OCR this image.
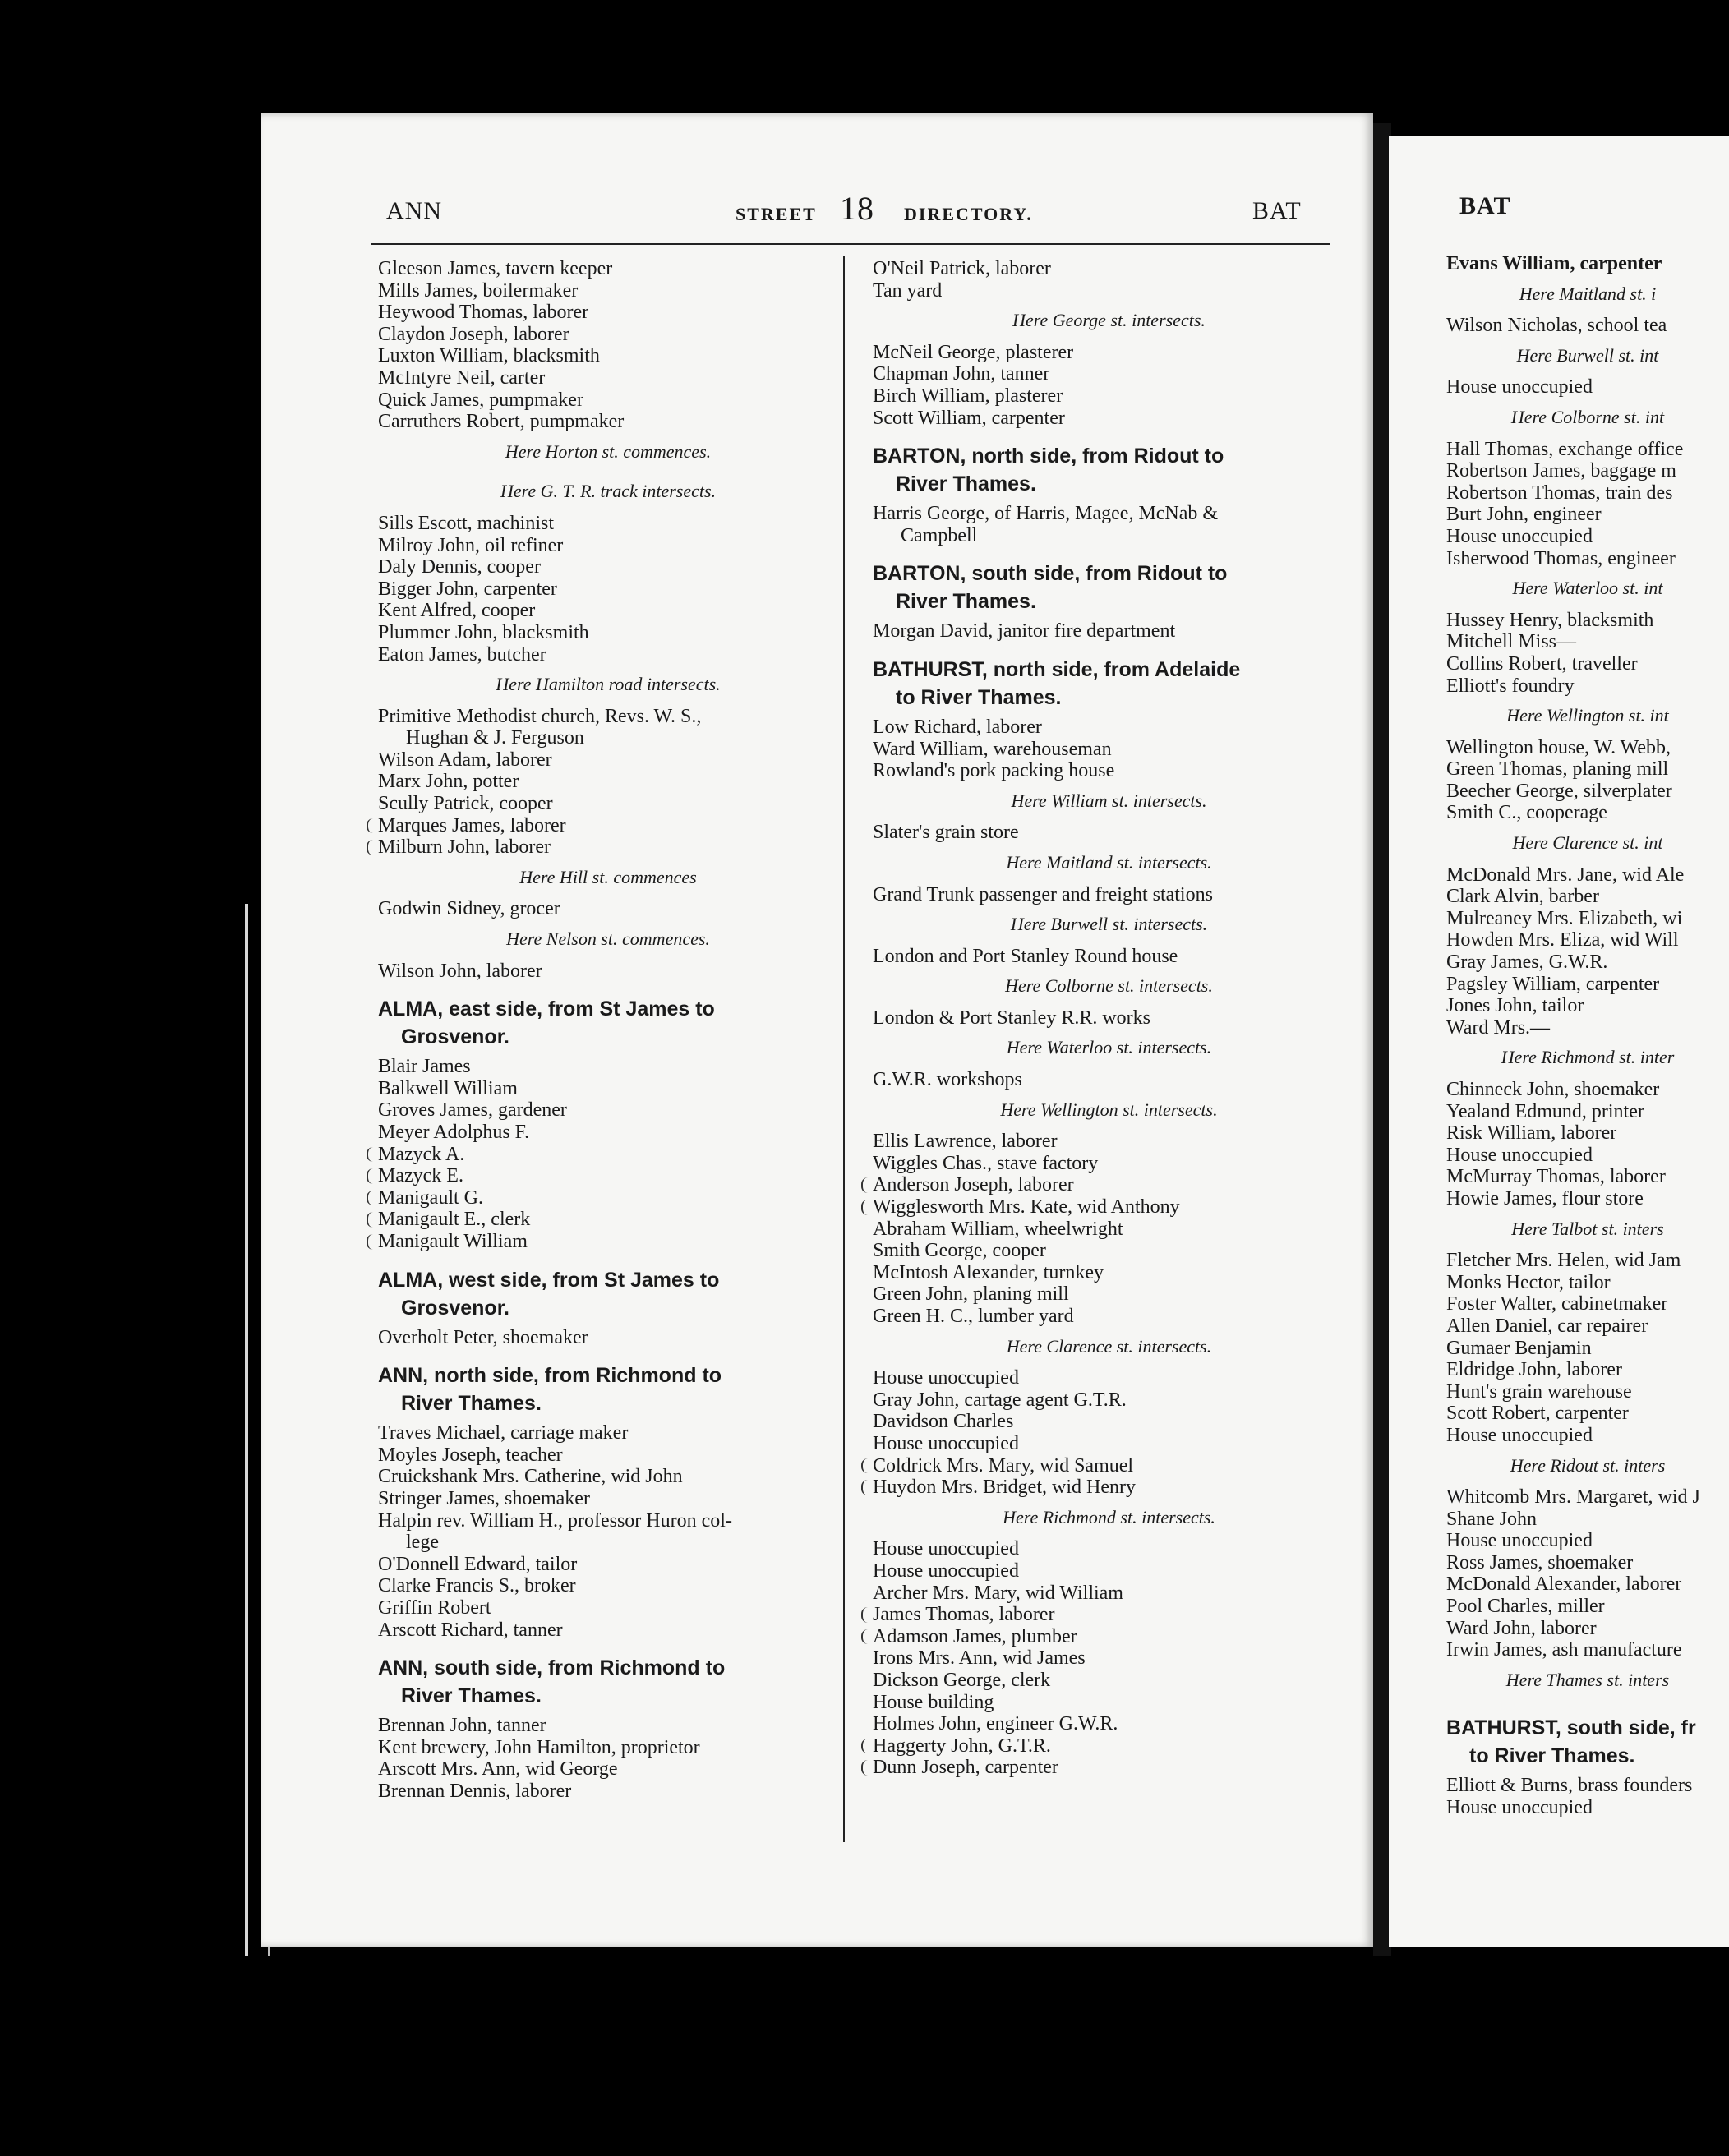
ANN	STREET 18 DIRECTORY.	BAT	BAT
Gleeson James, tavern keeper
Mills James, boilermaker
Heywood Thomas, laborer
Claydon Joseph, laborer
Luxton William, blacksmith
McIntyre Neil, carter
Quick James, pumpmaker
Carruthers Robert, pumpmaker
Here Horton st. commences.
Here G. T. R. track intersects.
Sills Escott, machinist
Milroy John, oil refiner
Daly Dennis, cooper
Bigger John, carpenter
Kent Alfred, cooper
Plummer John, blacksmith
Eaton James, butcher
Here Hamilton road intersects.
Primitive Methodist church, Revs. W. S.,
Hughan & J. Ferguson
Wilson Adam, laborer
Marx John, potter
Scully Patrick, cooper
Marques James, laborer
Milburn John, laborer
Here Hill st. commences
Godwin Sidney, grocer
Here Nelson st. commences.
Wilson John, laborer
ALMA, east side, from St James to
Grosvenor.
Blair James
Balkwell William
Groves James, gardener
Meyer Adolphus F.
Mazyck A.
Mazyck E.
Manigault G.
Manigault E., clerk
Manigault William
ALMA, west side, from St James to
Grosvenor.
Overholt Peter, shoemaker
ANN, north side, from Richmond to
River Thames.
Traves Michael, carriage maker
Moyles Joseph, teacher
Cruickshank Mrs. Catherine, wid John
Stringer James, shoemaker
Halpin rev. William H., professor Huron col-
lege
O'Donnell Edward, tailor
Clarke Francis S., broker
Griffin Robert
Arscott Richard, tanner
ANN, south side, from Richmond to
River Thames.
Brennan John, tanner
Kent brewery, John Hamilton, proprietor
Arscott Mrs. Ann, wid George
Brennan Dennis, laborer
O'Neil Patrick, laborer
Tan yard
Here George st. intersects.
McNeil George, plasterer
Chapman John, tanner
Birch William, plasterer
Scott William, carpenter
BARTON, north side, from Ridout to
River Thames.
Harris George, of Harris, Magee, McNab &
Campbell
BARTON, south side, from Ridout to
River Thames.
Morgan David, janitor fire department
BATHURST, north side, from Adelaide
to River Thames.
Low Richard, laborer
Ward William, warehouseman
Rowland's pork packing house
Here William st. intersects.
Slater's grain store
Here Maitland st. intersects.
Grand Trunk passenger and freight stations
Here Burwell st. intersects.
London and Port Stanley Round house
Here Colborne st. intersects.
London & Port Stanley R.R. works
Here Waterloo st. intersects.
G.W.R. workshops
Here Wellington st. intersects.
Ellis Lawrence, laborer
Wiggles Chas., stave factory
Anderson Joseph, laborer
Wigglesworth Mrs. Kate, wid Anthony
Abraham William, wheelwright
Smith George, cooper
McIntosh Alexander, turnkey
Green John, planing mill
Green H. C., lumber yard
Here Clarence st. intersects.
House unoccupied
Gray John, cartage agent G.T.R.
Davidson Charles
House unoccupied
Coldrick Mrs. Mary, wid Samuel
Huydon Mrs. Bridget, wid Henry
Here Richmond st. intersects.
House unoccupied
House unoccupied
Archer Mrs. Mary, wid William
James Thomas, laborer
Adamson James, plumber
Irons Mrs. Ann, wid James
Dickson George, clerk
House building
Holmes John, engineer G.W.R.
Haggerty John, G.T.R.
Dunn Joseph, carpenter
Evans William, carpenter
Here Maitland st. i
Wilson Nicholas, school tea
Here Burwell st. int
House unoccupied
Here Colborne st. int
Hall Thomas, exchange office
Robertson James, baggage m
Robertson Thomas, train des
Burt John, engineer
House unoccupied
Isherwood Thomas, engineer
Here Waterloo st. int
Hussey Henry, blacksmith
Mitchell Miss—
Collins Robert, traveller
Elliott's foundry
Here Wellington st. int
Wellington house, W. Webb,
Green Thomas, planing mill
Beecher George, silverplater
Smith C., cooperage
Here Clarence st. int
McDonald Mrs. Jane, wid Ale
Clark Alvin, barber
Mulreaney Mrs. Elizabeth, wi
Howden Mrs. Eliza, wid Will
Gray James, G.W.R.
Pagsley William, carpenter
Jones John, tailor
Ward Mrs.—
Here Richmond st. inter
Chinneck John, shoemaker
Yealand Edmund, printer
Risk William, laborer
House unoccupied
McMurray Thomas, laborer
Howie James, flour store
Here Talbot st. inters
Fletcher Mrs. Helen, wid Jam
Monks Hector, tailor
Foster Walter, cabinetmaker
Allen Daniel, car repairer
Gumaer Benjamin
Eldridge John, laborer
Hunt's grain warehouse
Scott Robert, carpenter
House unoccupied
Here Ridout st. inters
Whitcomb Mrs. Margaret, wid J
Shane John
House unoccupied
Ross James, shoemaker
McDonald Alexander, laborer
Pool Charles, miller
Ward John, laborer
Irwin James, ash manufacture
Here Thames st. inters
BATHURST, south side, fr
to River Thames.
Elliott & Burns, brass founders
House unoccupied
